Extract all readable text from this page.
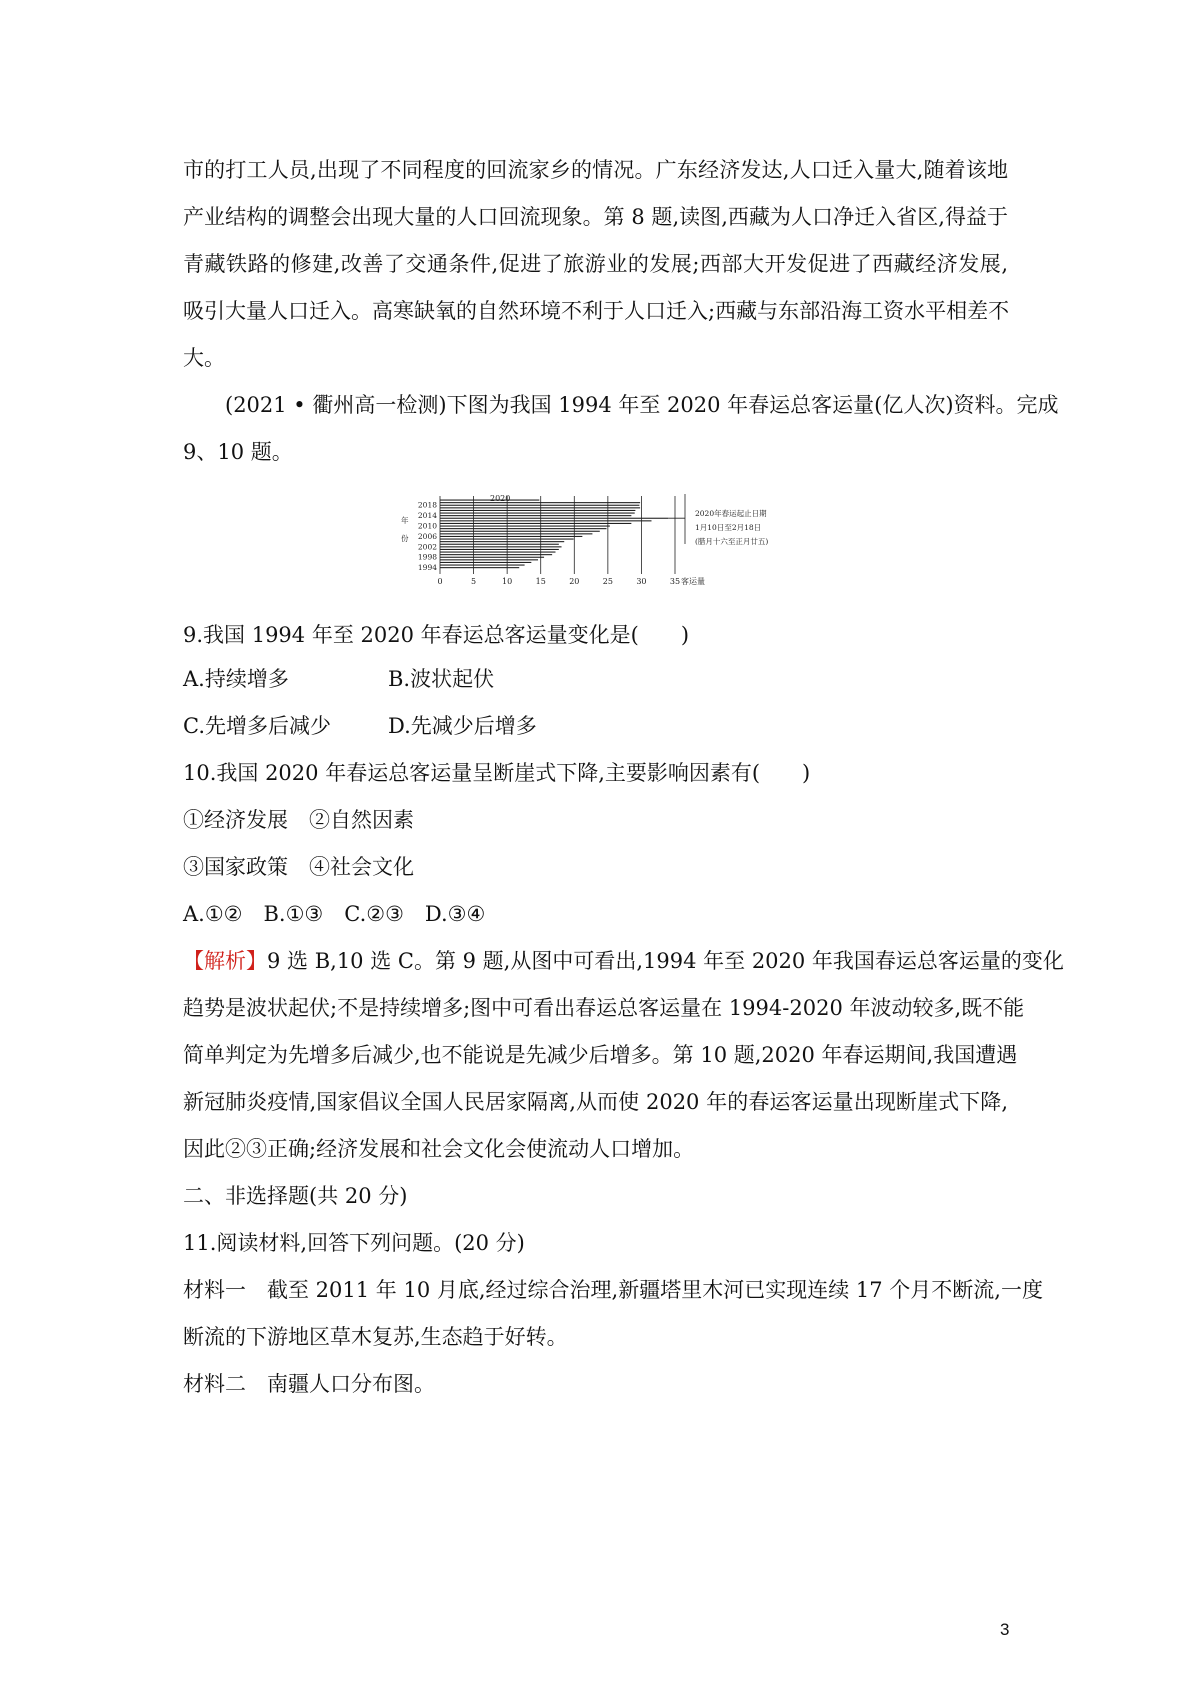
市的打工人员,出现了不同程度的回流家乡的情况。广东经济发达,人口迁入量大,随着该地

产业结构的调整会出现大量的人口回流现象。第 8 题,读图,西藏为人口净迁入省区,得益于

青藏铁路的修建,改善了交通条件,促进了旅游业的发展;西部大开发促进了西藏经济发展,

吸引大量人口迁入。高寒缺氧的自然环境不利于人口迁入;西藏与东部沿海工资水平相差不

大。

(2021 • 衢州高一检测)下图为我国 1994 年至 2020 年春运总客运量(亿人次)资料。完成

9、10 题。

0	5	10	15	20	25	30	35
2018
2014
2010
2006
2002
1998
1994
年
份
客运量
2020
2020年春运起止日期
1月10日至2月18日
(腊月十六至正月廿五)

9.我国 1994 年至 2020 年春运总客运量变化是(　　)

A.持续增多	B.波状起伏
C.先增多后减少	D.先减少后增多

10.我国 2020 年春运总客运量呈断崖式下降,主要影响因素有(　　)

①经济发展　②自然因素

③国家政策　④社会文化

A.①②　B.①③　C.②③　D.③④

【解析】9 选 B,10 选 C。第 9 题,从图中可看出,1994 年至 2020 年我国春运总客运量的变化

趋势是波状起伏;不是持续增多;图中可看出春运总客运量在 1994-2020 年波动较多,既不能

简单判定为先增多后减少,也不能说是先减少后增多。第 10 题,2020 年春运期间,我国遭遇

新冠肺炎疫情,国家倡议全国人民居家隔离,从而使 2020 年的春运客运量出现断崖式下降,

因此②③正确;经济发展和社会文化会使流动人口增加。

二、非选择题(共 20 分)

11.阅读材料,回答下列问题。(20 分)

材料一　截至 2011 年 10 月底,经过综合治理,新疆塔里木河已实现连续 17 个月不断流,一度

断流的下游地区草木复苏,生态趋于好转。

材料二　南疆人口分布图。

3
